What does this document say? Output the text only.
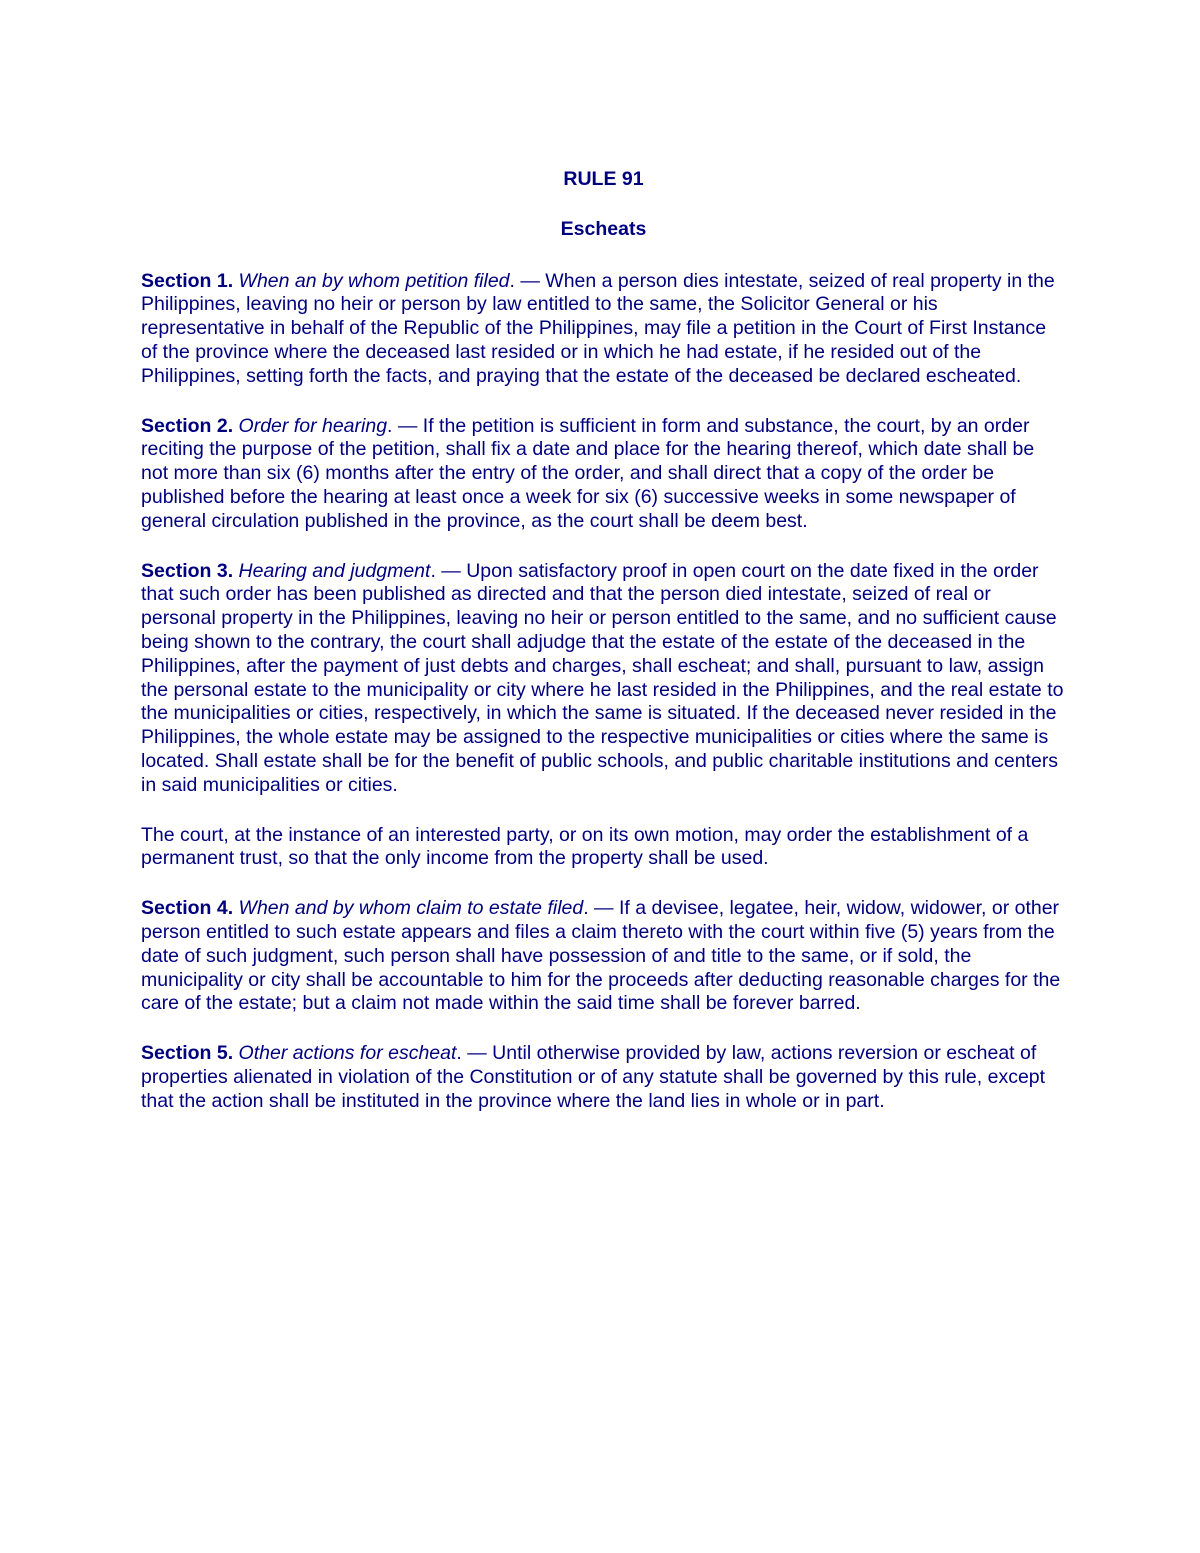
RULE 91
Escheats

Section 1. When an by whom petition filed. — When a person dies intestate, seized of real property in the Philippines, leaving no heir or person by law entitled to the same, the Solicitor General or his representative in behalf of the Republic of the Philippines, may file a petition in the Court of First Instance of the province where the deceased last resided or in which he had estate, if he resided out of the Philippines, setting forth the facts, and praying that the estate of the deceased be declared escheated.

Section 2. Order for hearing. — If the petition is sufficient in form and substance, the court, by an order reciting the purpose of the petition, shall fix a date and place for the hearing thereof, which date shall be not more than six (6) months after the entry of the order, and shall direct that a copy of the order be published before the hearing at least once a week for six (6) successive weeks in some newspaper of general circulation published in the province, as the court shall be deem best.

Section 3. Hearing and judgment. — Upon satisfactory proof in open court on the date fixed in the order that such order has been published as directed and that the person died intestate, seized of real or personal property in the Philippines, leaving no heir or person entitled to the same, and no sufficient cause being shown to the contrary, the court shall adjudge that the estate of the estate of the deceased in the Philippines, after the payment of just debts and charges, shall escheat; and shall, pursuant to law, assign the personal estate to the municipality or city where he last resided in the Philippines, and the real estate to the municipalities or cities, respectively, in which the same is situated. If the deceased never resided in the Philippines, the whole estate may be assigned to the respective municipalities or cities where the same is located. Shall estate shall be for the benefit of public schools, and public charitable institutions and centers in said municipalities or cities.

The court, at the instance of an interested party, or on its own motion, may order the establishment of a permanent trust, so that the only income from the property shall be used.

Section 4. When and by whom claim to estate filed. — If a devisee, legatee, heir, widow, widower, or other person entitled to such estate appears and files a claim thereto with the court within five (5) years from the date of such judgment, such person shall have possession of and title to the same, or if sold, the municipality or city shall be accountable to him for the proceeds after deducting reasonable charges for the care of the estate; but a claim not made within the said time shall be forever barred.

Section 5. Other actions for escheat. — Until otherwise provided by law, actions reversion or escheat of properties alienated in violation of the Constitution or of any statute shall be governed by this rule, except that the action shall be instituted in the province where the land lies in whole or in part.
